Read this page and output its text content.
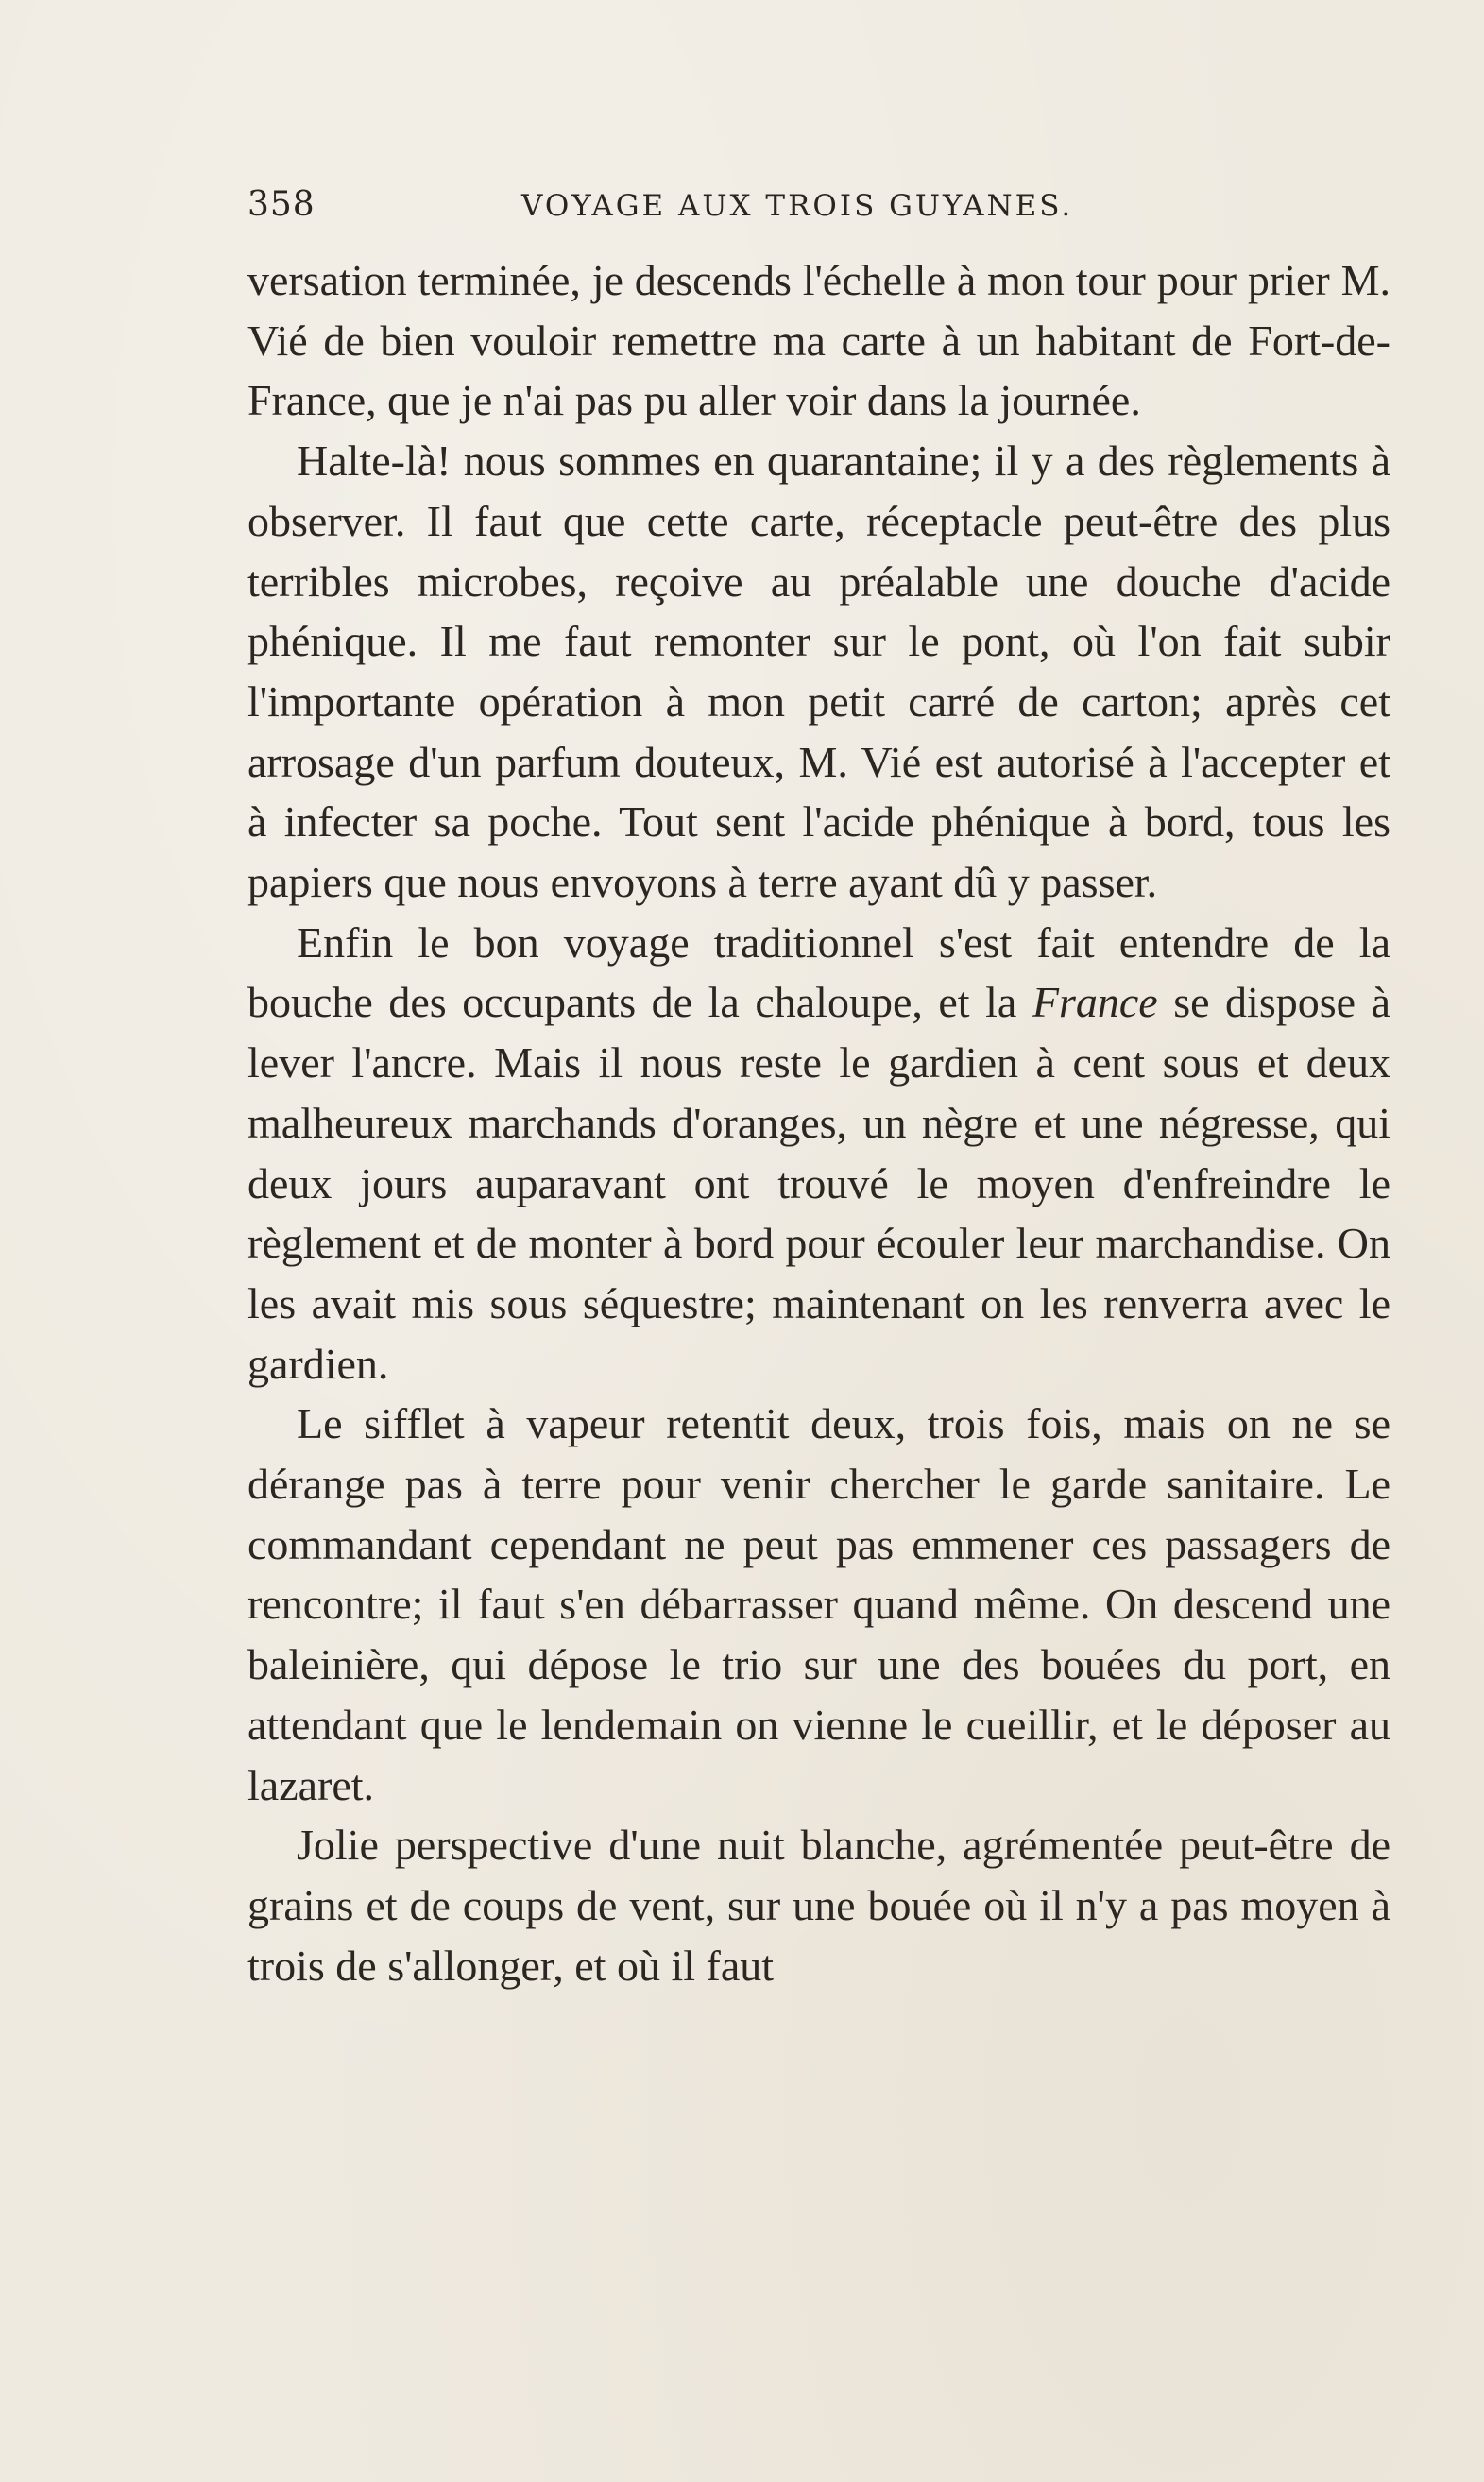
358	VOYAGE AUX TROIS GUYANES.

versation terminée, je descends l'échelle à mon tour pour prier M. Vié de bien vouloir remettre ma carte à un habitant de Fort-de-France, que je n'ai pas pu aller voir dans la journée.

Halte-là! nous sommes en quarantaine; il y a des règlements à observer. Il faut que cette carte, réceptacle peut-être des plus terribles microbes, reçoive au préalable une douche d'acide phénique. Il me faut remonter sur le pont, où l'on fait subir l'importante opération à mon petit carré de carton; après cet arrosage d'un parfum douteux, M. Vié est autorisé à l'accepter et à infecter sa poche. Tout sent l'acide phénique à bord, tous les papiers que nous envoyons à terre ayant dû y passer.

Enfin le bon voyage traditionnel s'est fait entendre de la bouche des occupants de la chaloupe, et la France se dispose à lever l'ancre. Mais il nous reste le gardien à cent sous et deux malheureux marchands d'oranges, un nègre et une négresse, qui deux jours auparavant ont trouvé le moyen d'enfreindre le règlement et de monter à bord pour écouler leur marchandise. On les avait mis sous séquestre; maintenant on les renverra avec le gardien.

Le sifflet à vapeur retentit deux, trois fois, mais on ne se dérange pas à terre pour venir chercher le garde sanitaire. Le commandant cependant ne peut pas emmener ces passagers de rencontre; il faut s'en débarrasser quand même. On descend une baleinière, qui dépose le trio sur une des bouées du port, en attendant que le lendemain on vienne le cueillir, et le déposer au lazaret.

Jolie perspective d'une nuit blanche, agrémentée peut-être de grains et de coups de vent, sur une bouée où il n'y a pas moyen à trois de s'allonger, et où il faut
